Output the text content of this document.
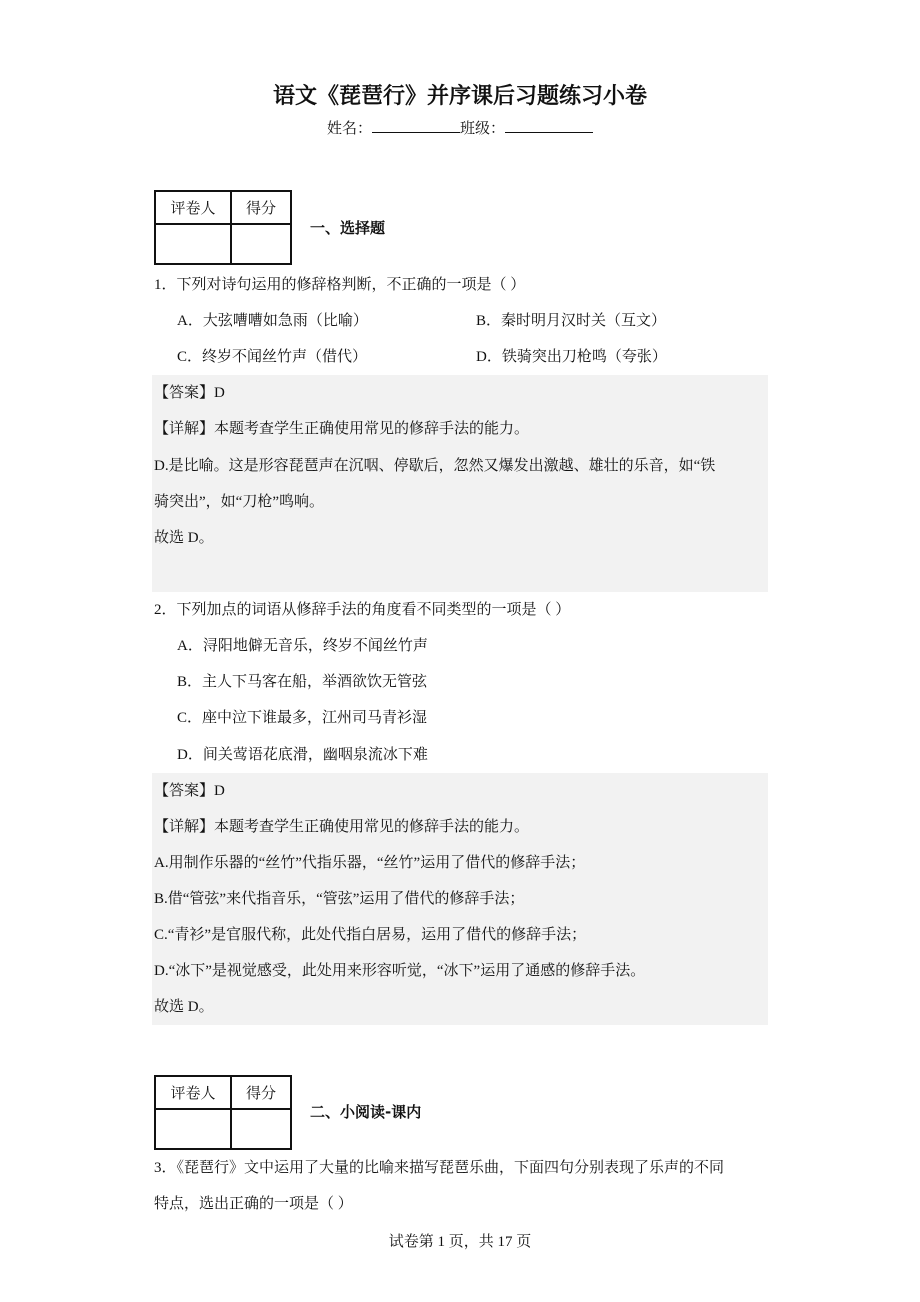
语文《琵琶行》并序课后习题练习小卷
姓名：	班级：
评卷人	得分

一、选择题
1．下列对诗句运用的修辞格判断，不正确的一项是（ ）
A．大弦嘈嘈如急雨（比喻）	B．秦时明月汉时关（互文）
C．终岁不闻丝竹声（借代）	D．铁骑突出刀枪鸣（夸张）
【答案】D
【详解】本题考查学生正确使用常见的修辞手法的能力。
D.是比喻。这是形容琵琶声在沉咽、停歇后，忽然又爆发出激越、雄壮的乐音，如“铁
骑突出”，如“刀枪”鸣响。
故选 D。
2．下列加点的词语从修辞手法的角度看不同类型的一项是（ ）
A．浔阳地僻无音乐，终岁不闻丝竹声
B．主人下马客在船，举酒欲饮无管弦
C．座中泣下谁最多，江州司马青衫湿
D．间关莺语花底滑，幽咽泉流冰下难
【答案】D
【详解】本题考查学生正确使用常见的修辞手法的能力。
A.用制作乐器的“丝竹”代指乐器，“丝竹”运用了借代的修辞手法；
B.借“管弦”来代指音乐，“管弦”运用了借代的修辞手法；
C.“青衫”是官服代称，此处代指白居易，运用了借代的修辞手法；
D.“冰下”是视觉感受，此处用来形容听觉，“冰下”运用了通感的修辞手法。
故选 D。
评卷人	得分

二、小阅读-课内
3．《琵琶行》文中运用了大量的比喻来描写琵琶乐曲，下面四句分别表现了乐声的不同
特点，选出正确的一项是（ ）
试卷第 1 页，共 17 页
